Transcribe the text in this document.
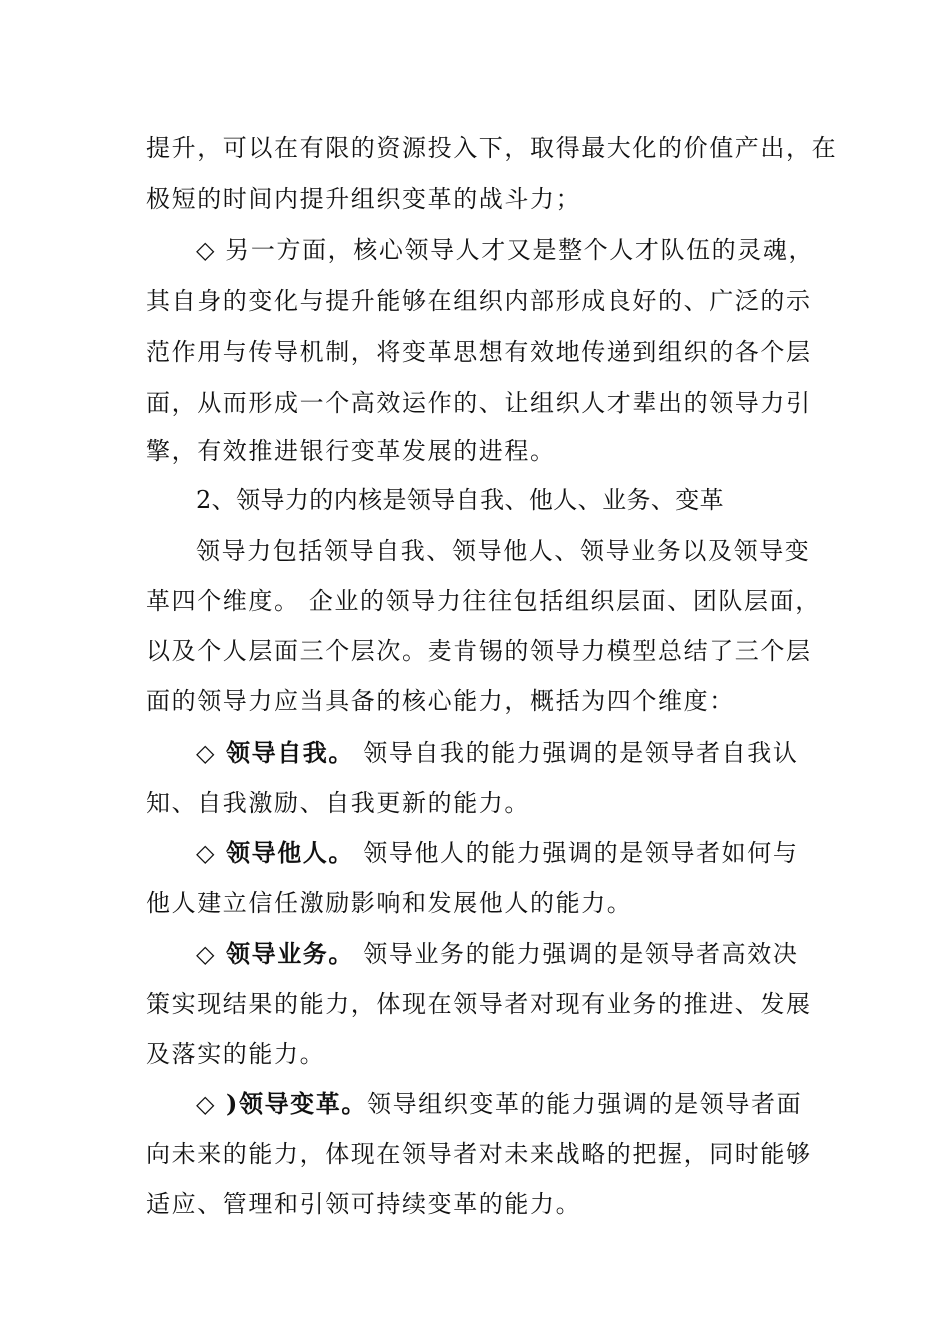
提升，可以在有限的资源投入下，取得最大化的价值产出，在
极短的时间内提升组织变革的战斗力；
◇ 另一方面，核心领导人才又是整个人才队伍的灵魂，
其自身的变化与提升能够在组织内部形成良好的、广泛的示
范作用与传导机制，将变革思想有效地传递到组织的各个层
面，从而形成一个高效运作的、让组织人才辈出的领导力引
擎，有效推进银行变革发展的进程。
2、领导力的内核是领导自我、他人、业务、变革
领导力包括领导自我、领导他人、领导业务以及领导变
革四个维度。 企业的领导力往往包括组织层面、团队层面，
以及个人层面三个层次。麦肯锡的领导力模型总结了三个层
面的领导力应当具备的核心能力，概括为四个维度：
◇ 领导自我。 领导自我的能力强调的是领导者自我认
知、自我激励、自我更新的能力。
◇ 领导他人。 领导他人的能力强调的是领导者如何与
他人建立信任激励影响和发展他人的能力。
◇ 领导业务。 领导业务的能力强调的是领导者高效决
策实现结果的能力，体现在领导者对现有业务的推进、发展
及落实的能力。
◇ )领导变革。领导组织变革的能力强调的是领导者面
向未来的能力，体现在领导者对未来战略的把握，同时能够
适应、管理和引领可持续变革的能力。
